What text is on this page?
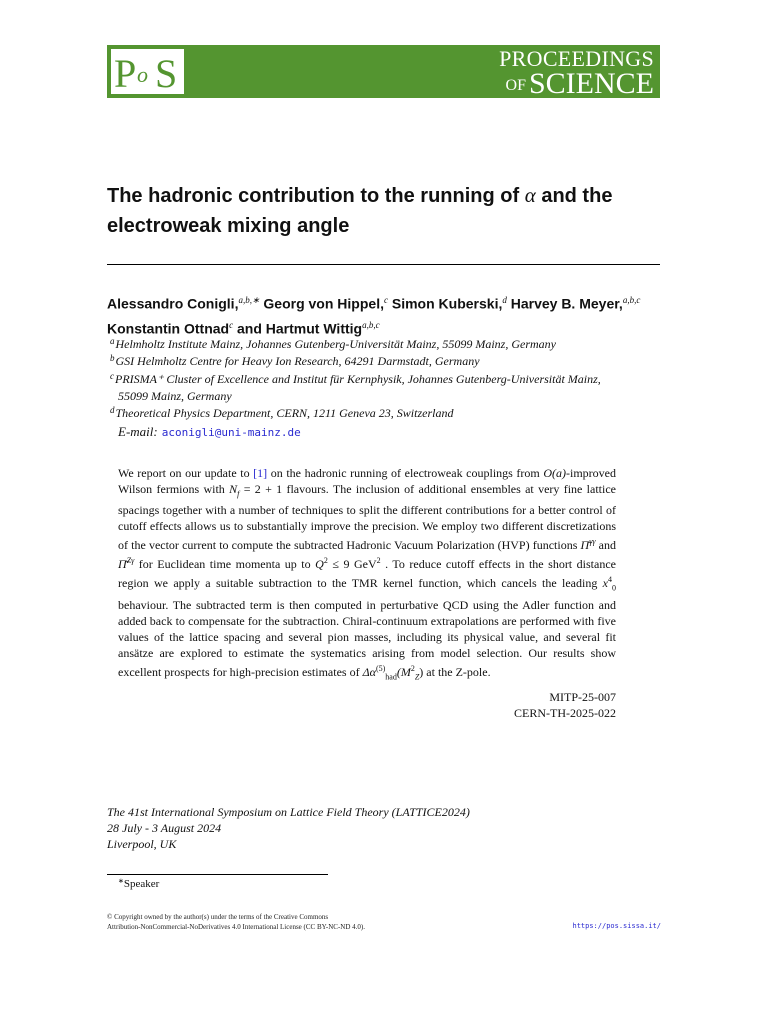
P o S	PROCEEDINGS
OF SCIENCE
The hadronic contribution to the running of α and the electroweak mixing angle
Alessandro Conigli,$^{a,b,∗}$ Georg von Hippel,$^c$ Simon Kuberski,$^d$ Harvey B. Meyer,$^{a,b,c}$ Konstantin Ottnad$^c$ and Hartmut Wittig$^{a,b,c}$
$^a$Helmholtz Institute Mainz, Johannes Gutenberg-Universität Mainz, 55099 Mainz, Germany
$^b$GSI Helmholtz Centre for Heavy Ion Research, 64291 Darmstadt, Germany
$^c$PRISMA⁺ Cluster of Excellence and Institut für Kernphysik, Johannes Gutenberg-Universität Mainz,
55099 Mainz, Germany
$^d$Theoretical Physics Department, CERN, 1211 Geneva 23, Switzerland
E-mail: aconigli@uni-mainz.de

We report on our update to [1] on the hadronic running of electroweak couplings from O(a)-improved Wilson fermions with $N_f = 2 + 1$ flavours. The inclusion of additional ensembles at very fine lattice spacings together with a number of techniques to split the different contributions for a better control of cutoff effects allows us to substantially improve the precision. We employ two different discretizations of the vector current to compute the subtracted Hadronic Vacuum Polarization (HVP) functions Π̄$^{\gamma\gamma}$ and Π̄$^{Z\gamma}$ for Euclidean time momenta up to $Q^2 \le 9$ GeV$^2$ . To reduce cutoff effects in the short distance region we apply a suitable subtraction to the TMR kernel function, which cancels the leading $x^4_0$ behaviour. The subtracted term is then computed in perturbative QCD using the Adler function and added back to compensate for the subtraction. Chiral-continuum extrapolations are performed with five values of the lattice spacing and several pion masses, including its physical value, and several fit ansätze are explored to estimate the systematics arising from model selection. Our results show excellent prospects for high-precision estimates of $\Delta\alpha^{(5)}_{had}(M^2_Z)$ at the Z-pole.

MITP-25-007
CERN-TH-2025-022
The 41st International Symposium on Lattice Field Theory (LATTICE2024)
28 July - 3 August 2024
Liverpool, UK
∗Speaker
© Copyright owned by the author(s) under the terms of the Creative Commons
Attribution-NonCommercial-NoDerivatives 4.0 International License (CC BY-NC-ND 4.0).	https://pos.sissa.it/
